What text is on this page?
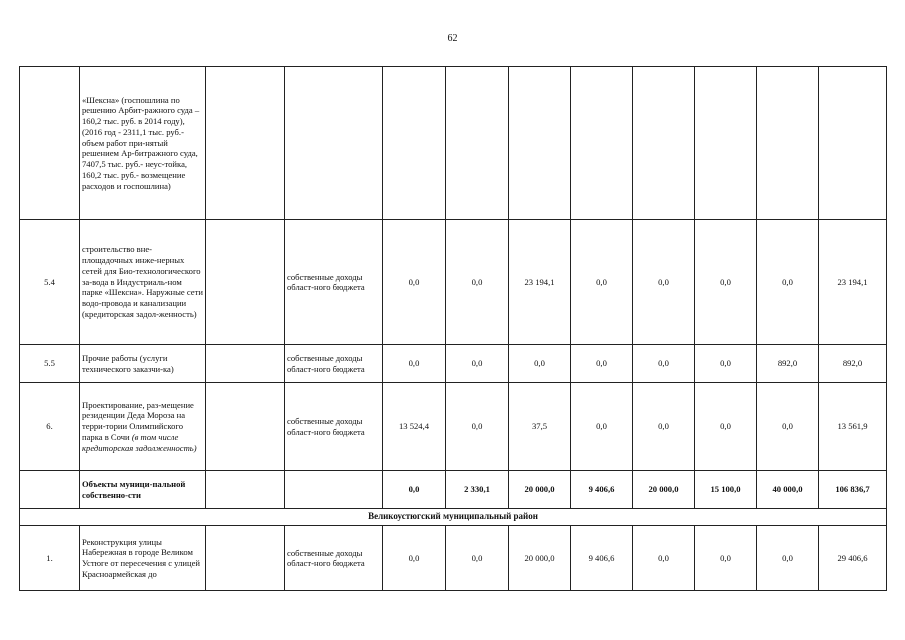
62
	«Шексна» (госпошлина по решению Арбит-ражного суда – 160,2 тыс. руб. в 2014 году), (2016 год - 2311,1 тыс. руб.- объем работ при-нятый решением Ар-битражного суда, 7407,5 тыс. руб.- неус-тойка, 160,2 тыс. руб.- возмещение расходов и госпошлина)										
5.4	строительство вне-площадочных инже-нерных сетей для Био-технологического за-вода в Индустриаль-ном парке «Шексна». Наружные сети водо-провода и канализации (кредиторская задол-женность)		собственные доходы област-ного бюджета	0,0	0,0	23 194,1	0,0	0,0	0,0	0,0	23 194,1
5.5	Прочие работы (услуги технического заказчи-ка)		собственные доходы област-ного бюджета	0,0	0,0	0,0	0,0	0,0	0,0	892,0	892,0
6.	Проектирование, раз-мещение резиденции Деда Мороза на терри-тории Олимпийского парка в Сочи (в том числе кредиторская задолженность)		собственные доходы област-ного бюджета	13 524,4	0,0	37,5	0,0	0,0	0,0	0,0	13 561,9
	Объекты муници-пальной собственно-сти			0,0	2 330,1	20 000,0	9 406,6	20 000,0	15 100,0	40 000,0	106 836,7
Великоустюгский муниципальный район											
1.	Реконструкция улицы Набережная в городе Великом Устюге от пересечения с улицей Красноармейская до		собственные доходы област-ного бюджета	0,0	0,0	20 000,0	9 406,6	0,0	0,0	0,0	29 406,6
